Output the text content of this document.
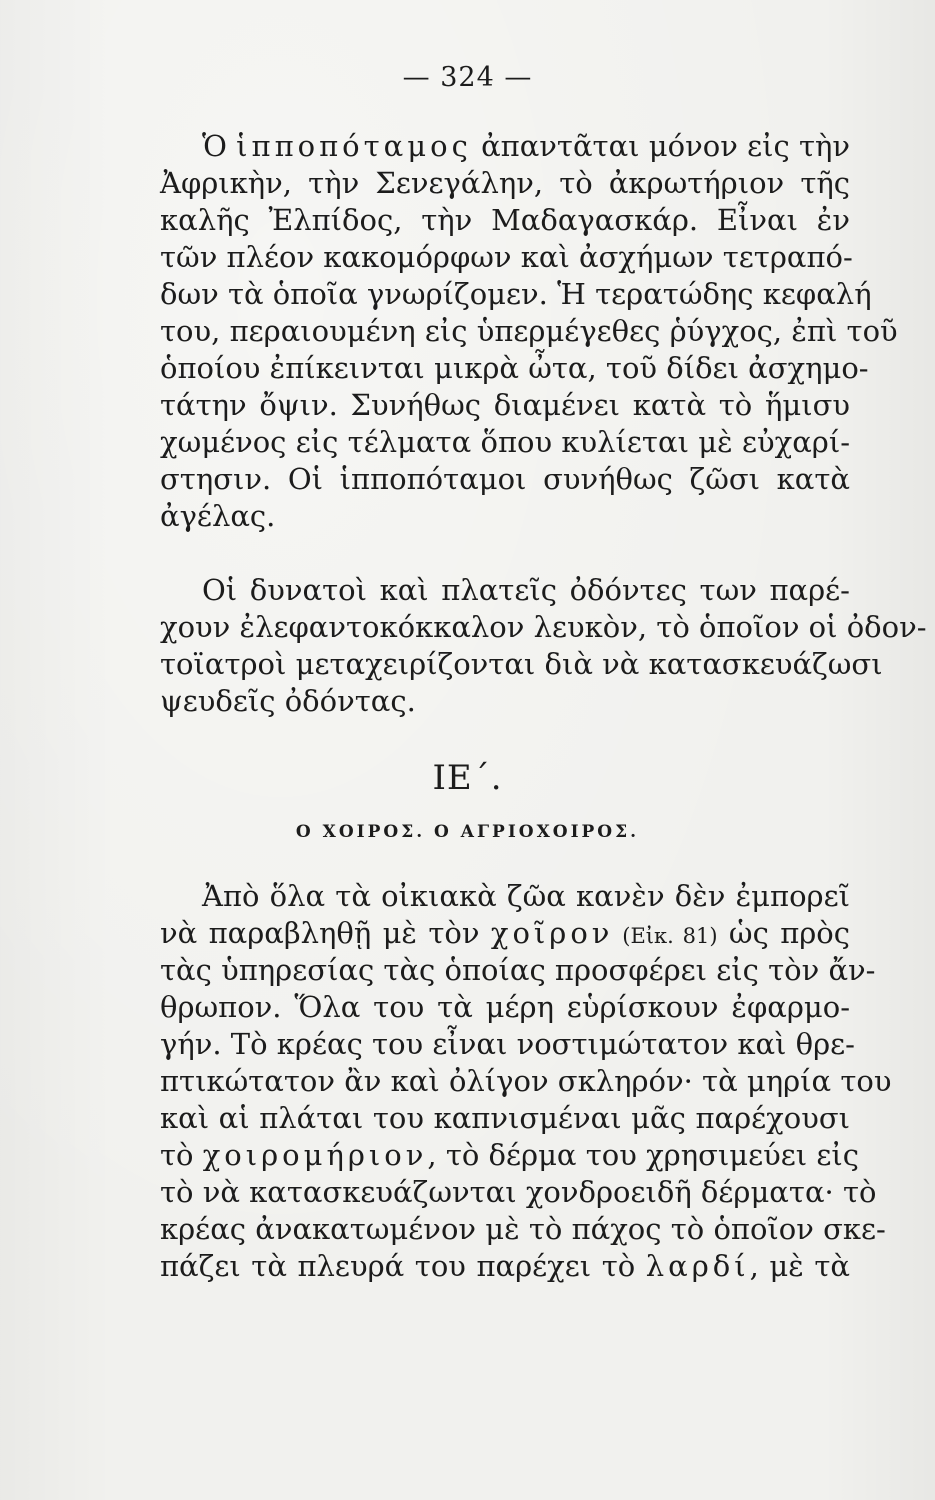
— 324 —
Ὁ ἱπποπόταμος ἀπαντᾶται μόνον εἰς τὴν
Ἀφρικὴν, τὴν Σενεγάλην, τὸ ἀκρωτήριον τῆς
καλῆς Ἐλπίδος, τὴν Μαδαγασκάρ. Εἶναι ἐν
τῶν πλέον κακομόρφων καὶ ἀσχήμων τετραπό-
δων τὰ ὁποῖα γνωρίζομεν. Ἡ τερατώδης κεφαλή
του, περαιουμένη εἰς ὑπερμέγεθες ῥύγχος, ἐπὶ τοῦ
ὁποίου ἐπίκεινται μικρὰ ὦτα, τοῦ δίδει ἀσχημο-
τάτην ὄψιν. Συνήθως διαμένει κατὰ τὸ ἥμισυ
χωμένος εἰς τέλματα ὅπου κυλίεται μὲ εὐχαρί-
στησιν. Οἱ ἱπποπόταμοι συνήθως ζῶσι κατὰ
ἀγέλας.
Οἱ δυνατοὶ καὶ πλατεῖς ὀδόντες των παρέ-
χουν ἐλεφαντοκόκκαλον λευκὸν, τὸ ὁποῖον οἱ ὀδον-
τοϊατροὶ μεταχειρίζονται διὰ νὰ κατασκευάζωσι
ψευδεῖς ὀδόντας.
ΙΕ΄.
Ο ΧΟΙΡΟΣ. Ο ΑΓΡΙΟΧΟΙΡΟΣ.
Ἀπὸ ὅλα τὰ οἰκιακὰ ζῶα κανὲν δὲν ἐμπορεῖ
νὰ παραβληθῇ μὲ τὸν χοῖρον (Εἰκ. 81) ὡς πρὸς
τὰς ὑπηρεσίας τὰς ὁποίας προσφέρει εἰς τὸν ἄν-
θρωπον. Ὅλα του τὰ μέρη εὑρίσκουν ἐφαρμο-
γήν. Τὸ κρέας του εἶναι νοστιμώτατον καὶ θρε-
πτικώτατον ἂν καὶ ὀλίγον σκληρόν· τὰ μηρία του
καὶ αἱ πλάται του καπνισμέναι μᾶς παρέχουσι
τὸ χοιρομήριον, τὸ δέρμα του χρησιμεύει εἰς
τὸ νὰ κατασκευάζωνται χονδροειδῆ δέρματα· τὸ
κρέας ἀνακατωμένον μὲ τὸ πάχος τὸ ὁποῖον σκε-
πάζει τὰ πλευρά του παρέχει τὸ λαρδί, μὲ τὰ
